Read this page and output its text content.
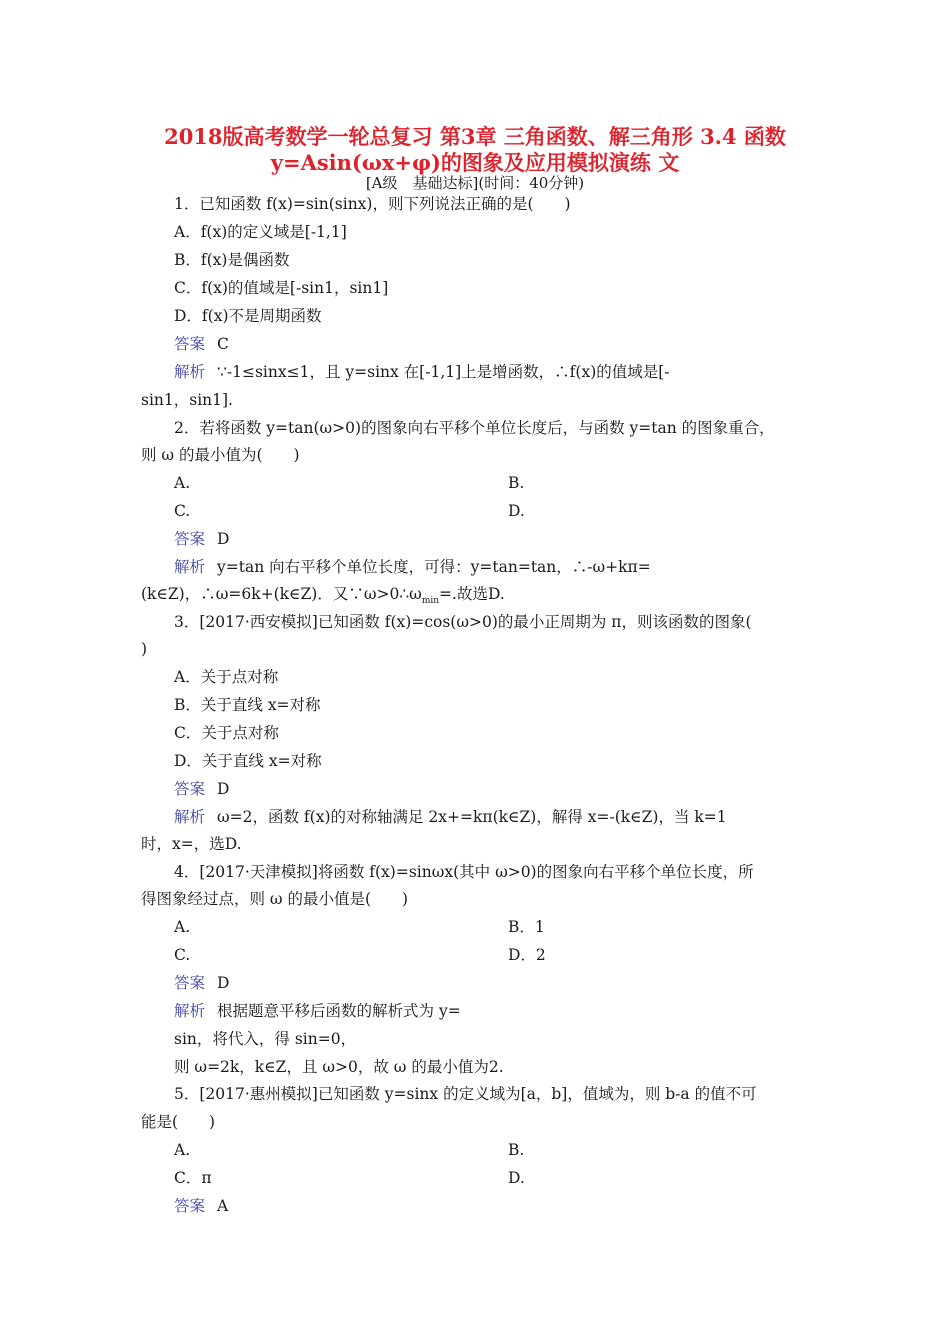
2018版高考数学一轮总复习 第3章 三角函数、解三角形 3.4 函数
y=Asin(ωx+φ)的图象及应用模拟演练 文
[A级　基础达标](时间：40分钟)
1．已知函数 f(x)=sin(sinx)，则下列说法正确的是(　　)
A．f(x)的定义域是[-1,1]
B．f(x)是偶函数
C．f(x)的值域是[-sin1，sin1]
D．f(x)不是周期函数
答案 C
解析 ∵-1≤sinx≤1，且 y=sinx 在[-1,1]上是增函数，∴f(x)的值域是[-
sin1，sin1].
2．若将函数 y=tan(ω>0)的图象向右平移个单位长度后，与函数 y=tan 的图象重合，
则 ω 的最小值为(　　)
A.	B.
C.	D.
答案 D
解析 y=tan 向右平移个单位长度，可得：y=tan=tan，∴-ω+kπ=
(k∈Z)，∴ω=6k+(k∈Z)．又$\because\omega>0\therefore\omega_{min}=$.故选D.
3．[2017·西安模拟]已知函数 f(x)=cos(ω>0)的最小正周期为 π，则该函数的图象(
)
A．关于点对称
B．关于直线 x=对称
C．关于点对称
D．关于直线 x=对称
答案 D
解析 ω=2，函数 f(x)的对称轴满足 2x+=kπ(k∈Z)，解得 x=-(k∈Z)，当 k=1
时，x=，选D.
4．[2017·天津模拟]将函数 f(x)=sinωx(其中 ω>0)的图象向右平移个单位长度，所
得图象经过点，则 ω 的最小值是(　　)
A.	B．1
C.	D．2
答案 D
解析 根据题意平移后函数的解析式为 y=
sin，将代入，得 sin=0，
则 ω=2k，k∈Z，且 ω>0，故 ω 的最小值为2.
5．[2017·惠州模拟]已知函数 y=sinx 的定义域为[a，b]，值域为，则 b-a 的值不可
能是(　　)
A.	B.
C．π	D.
答案 A
